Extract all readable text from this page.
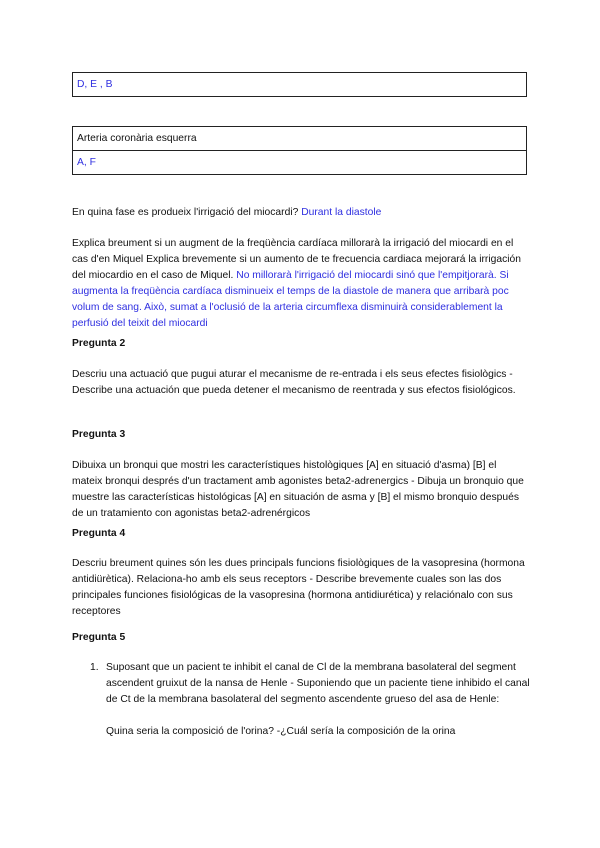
D, E , B
Arteria coronària esquerra
A, F

En quina fase es produeix l'irrigació del miocardi? Durant la diastole

Explica breument si un augment de la freqüència cardíaca millorarà la irrigació del miocardi en el cas d'en Miquel Explica brevemente si un aumento de te frecuencia cardiaca mejorará la irrigación del miocardio en el caso de Miquel. No millorarà l'irrigació del miocardi sinó que l'empitjorarà. Si augmenta la freqüència cardíaca disminueix el temps de la diastole de manera que arribarà poc volum de sang. Això, sumat a l'oclusió de la arteria circumflexa disminuirà considerablement la perfusió del teixit del miocardi

Pregunta 2

Descriu una actuació que pugui aturar el mecanisme de re-entrada i els seus efectes fisiològics - Describe una actuación que pueda detener el mecanismo de reentrada y sus efectos fisiológicos.

Pregunta 3

Dibuixa un bronqui que mostri les característiques histològiques [A] en situació d'asma) [B] el mateix bronqui després d'un tractament amb agonistes beta2-adrenergics - Dibuja un bronquio que muestre las características histológicas [A] en situación de asma y [B] el mismo bronquio después de un tratamiento con agonistas beta2-adrenérgicos

Pregunta 4

Descriu breument quines són les dues principals funcions fisiològiques de la vasopresina (hormona antidiürètica). Relaciona-ho amb els seus receptors - Describe brevemente cuales son las dos principales funciones fisiológicas de la vasopresina (hormona antidiurética) y relaciónalo con sus receptores

Pregunta 5

1. Suposant que un pacient te inhibit el canal de Cl de la membrana basolateral del segment ascendent gruixut de la nansa de Henle - Suponiendo que un paciente tiene inhibido el canal de Ct de la membrana basolateral del segmento ascendente grueso del asa de Henle:
Quina seria la composició de l'orina? -¿Cuál sería la composición de la orina
